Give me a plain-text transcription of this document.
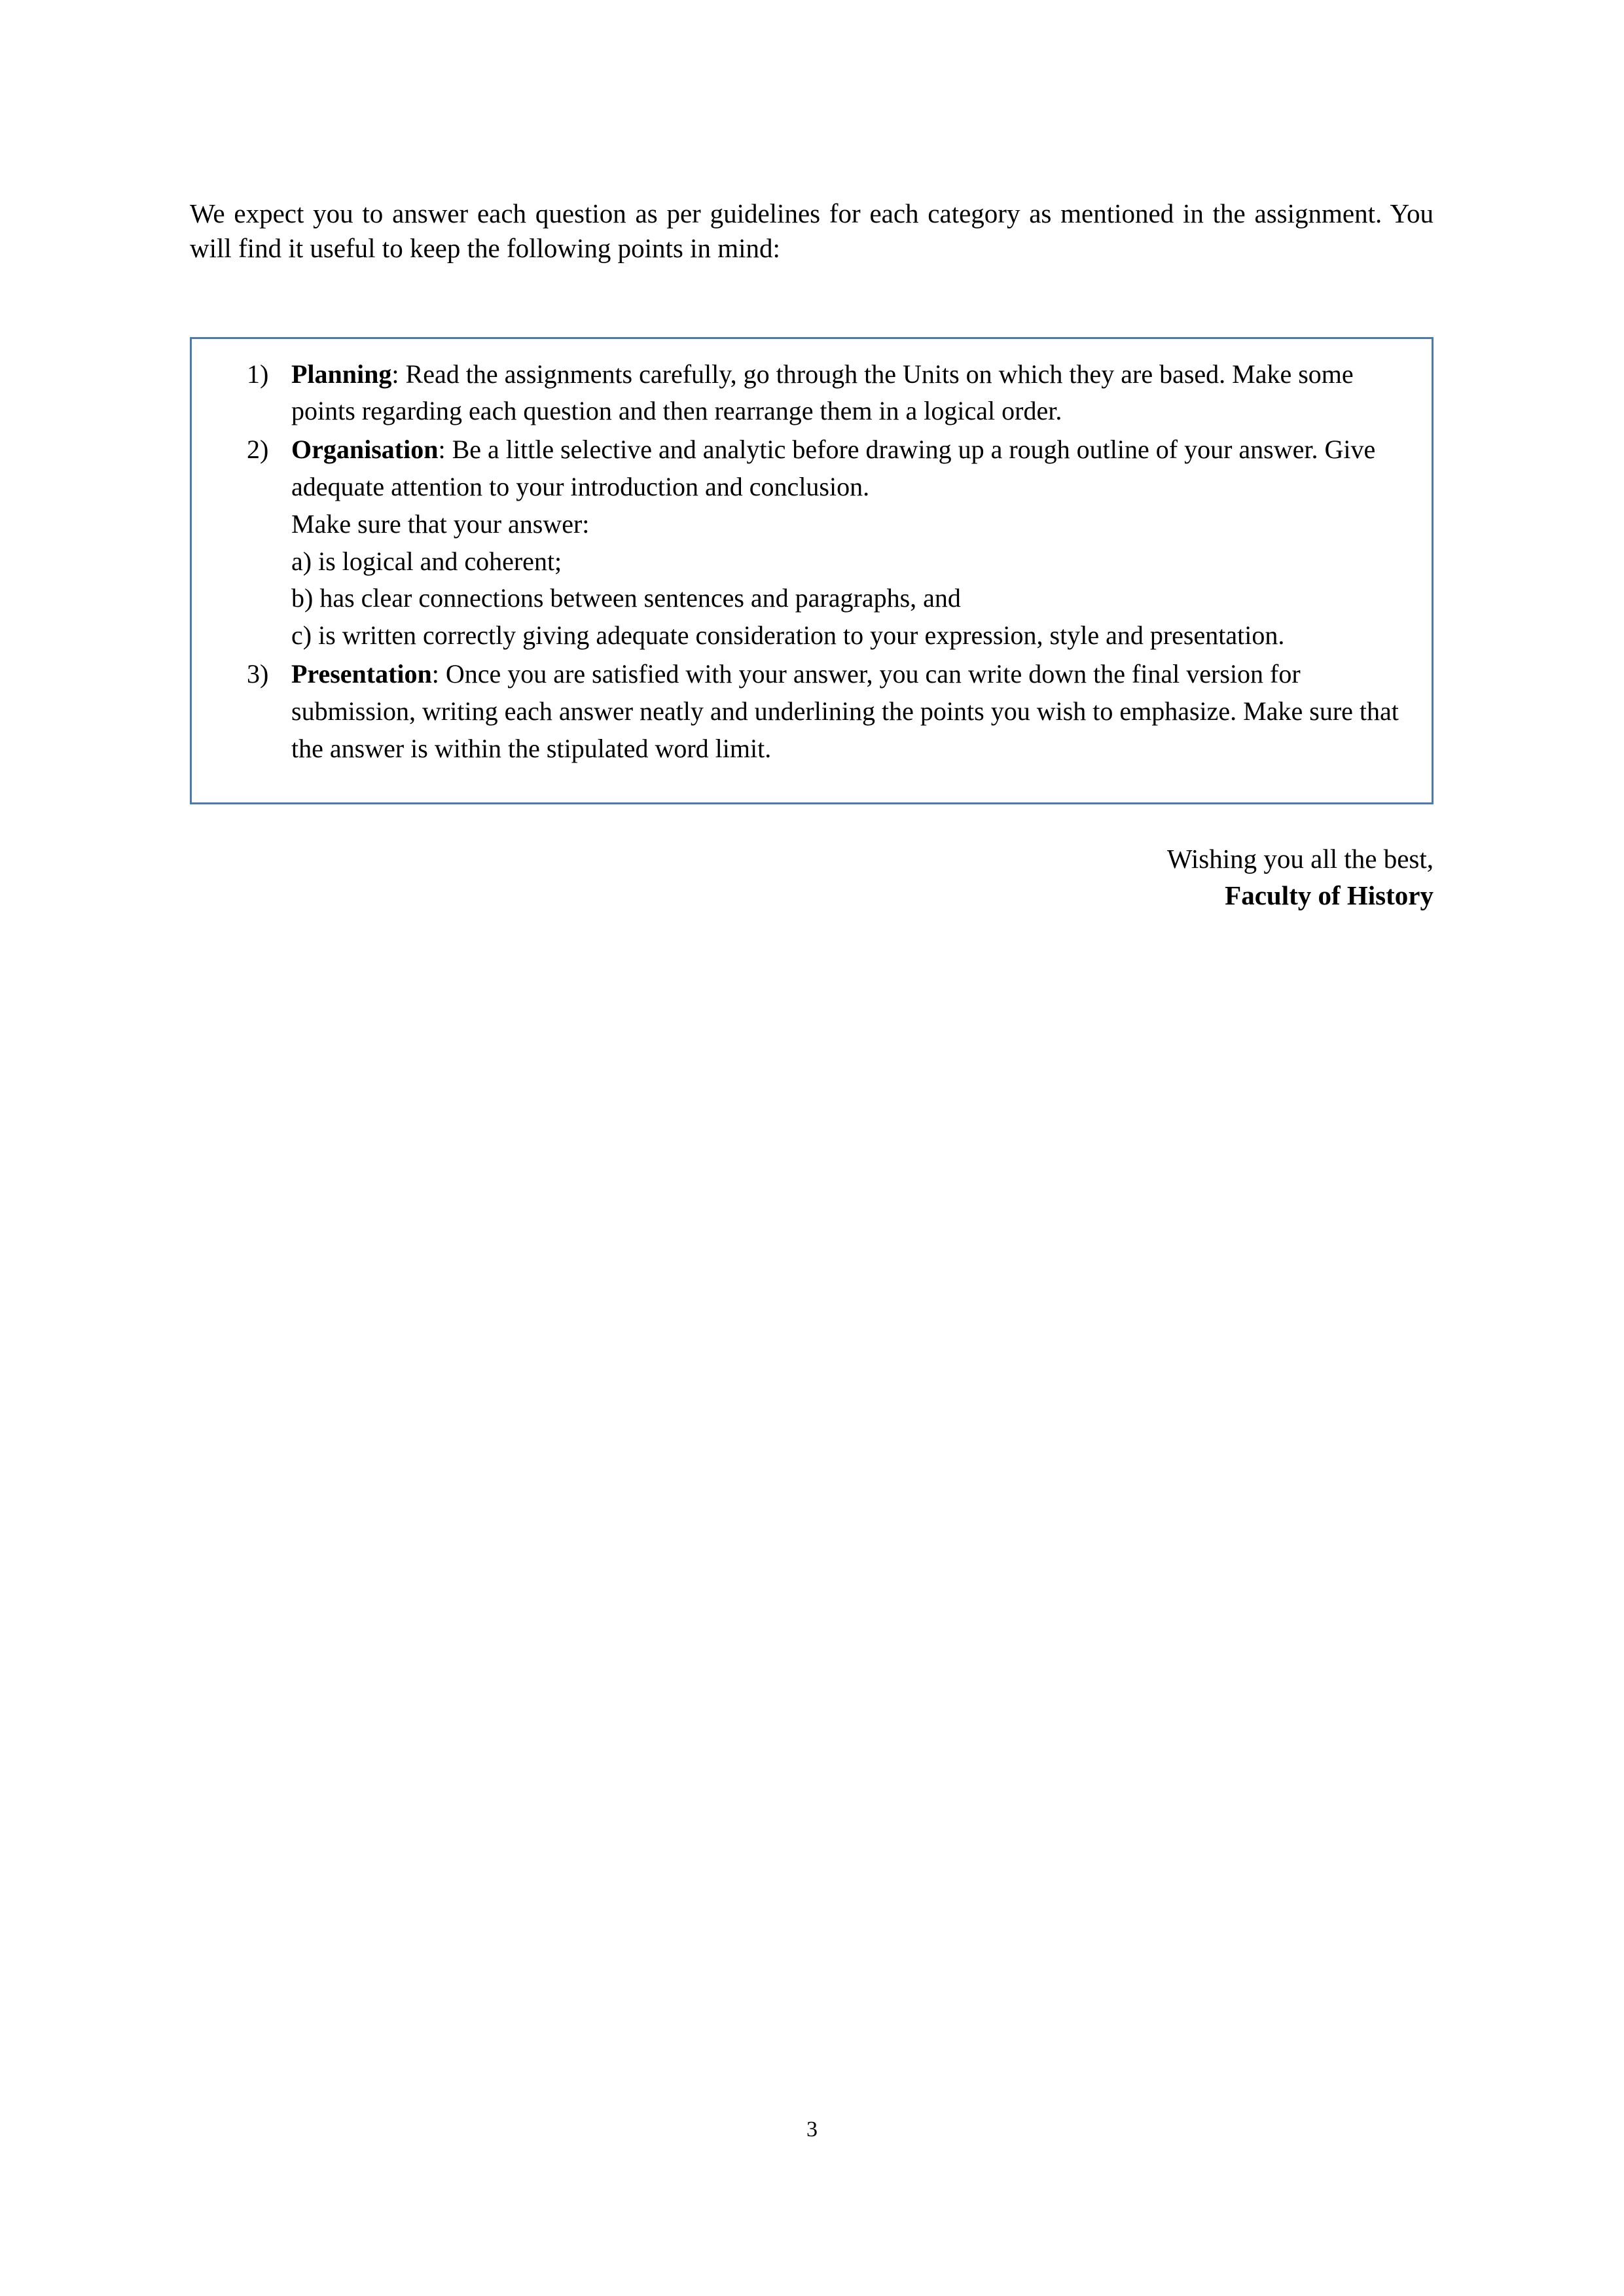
We expect you to answer each question as per guidelines for each category as mentioned in the assignment. You will find it useful to keep the following points in mind:

Planning: Read the assignments carefully, go through the Units on which they are based. Make some points regarding each question and then rearrange them in a logical order.
Organisation: Be a little selective and analytic before drawing up a rough outline of your answer. Give adequate attention to your introduction and conclusion.
Make sure that your answer:
a) is logical and coherent;
b) has clear connections between sentences and paragraphs, and
c) is written correctly giving adequate consideration to your expression, style and presentation.
Presentation: Once you are satisfied with your answer, you can write down the final version for submission, writing each answer neatly and underlining the points you wish to emphasize. Make sure that the answer is within the stipulated word limit.
Wishing you all the best,
Faculty of History
3
